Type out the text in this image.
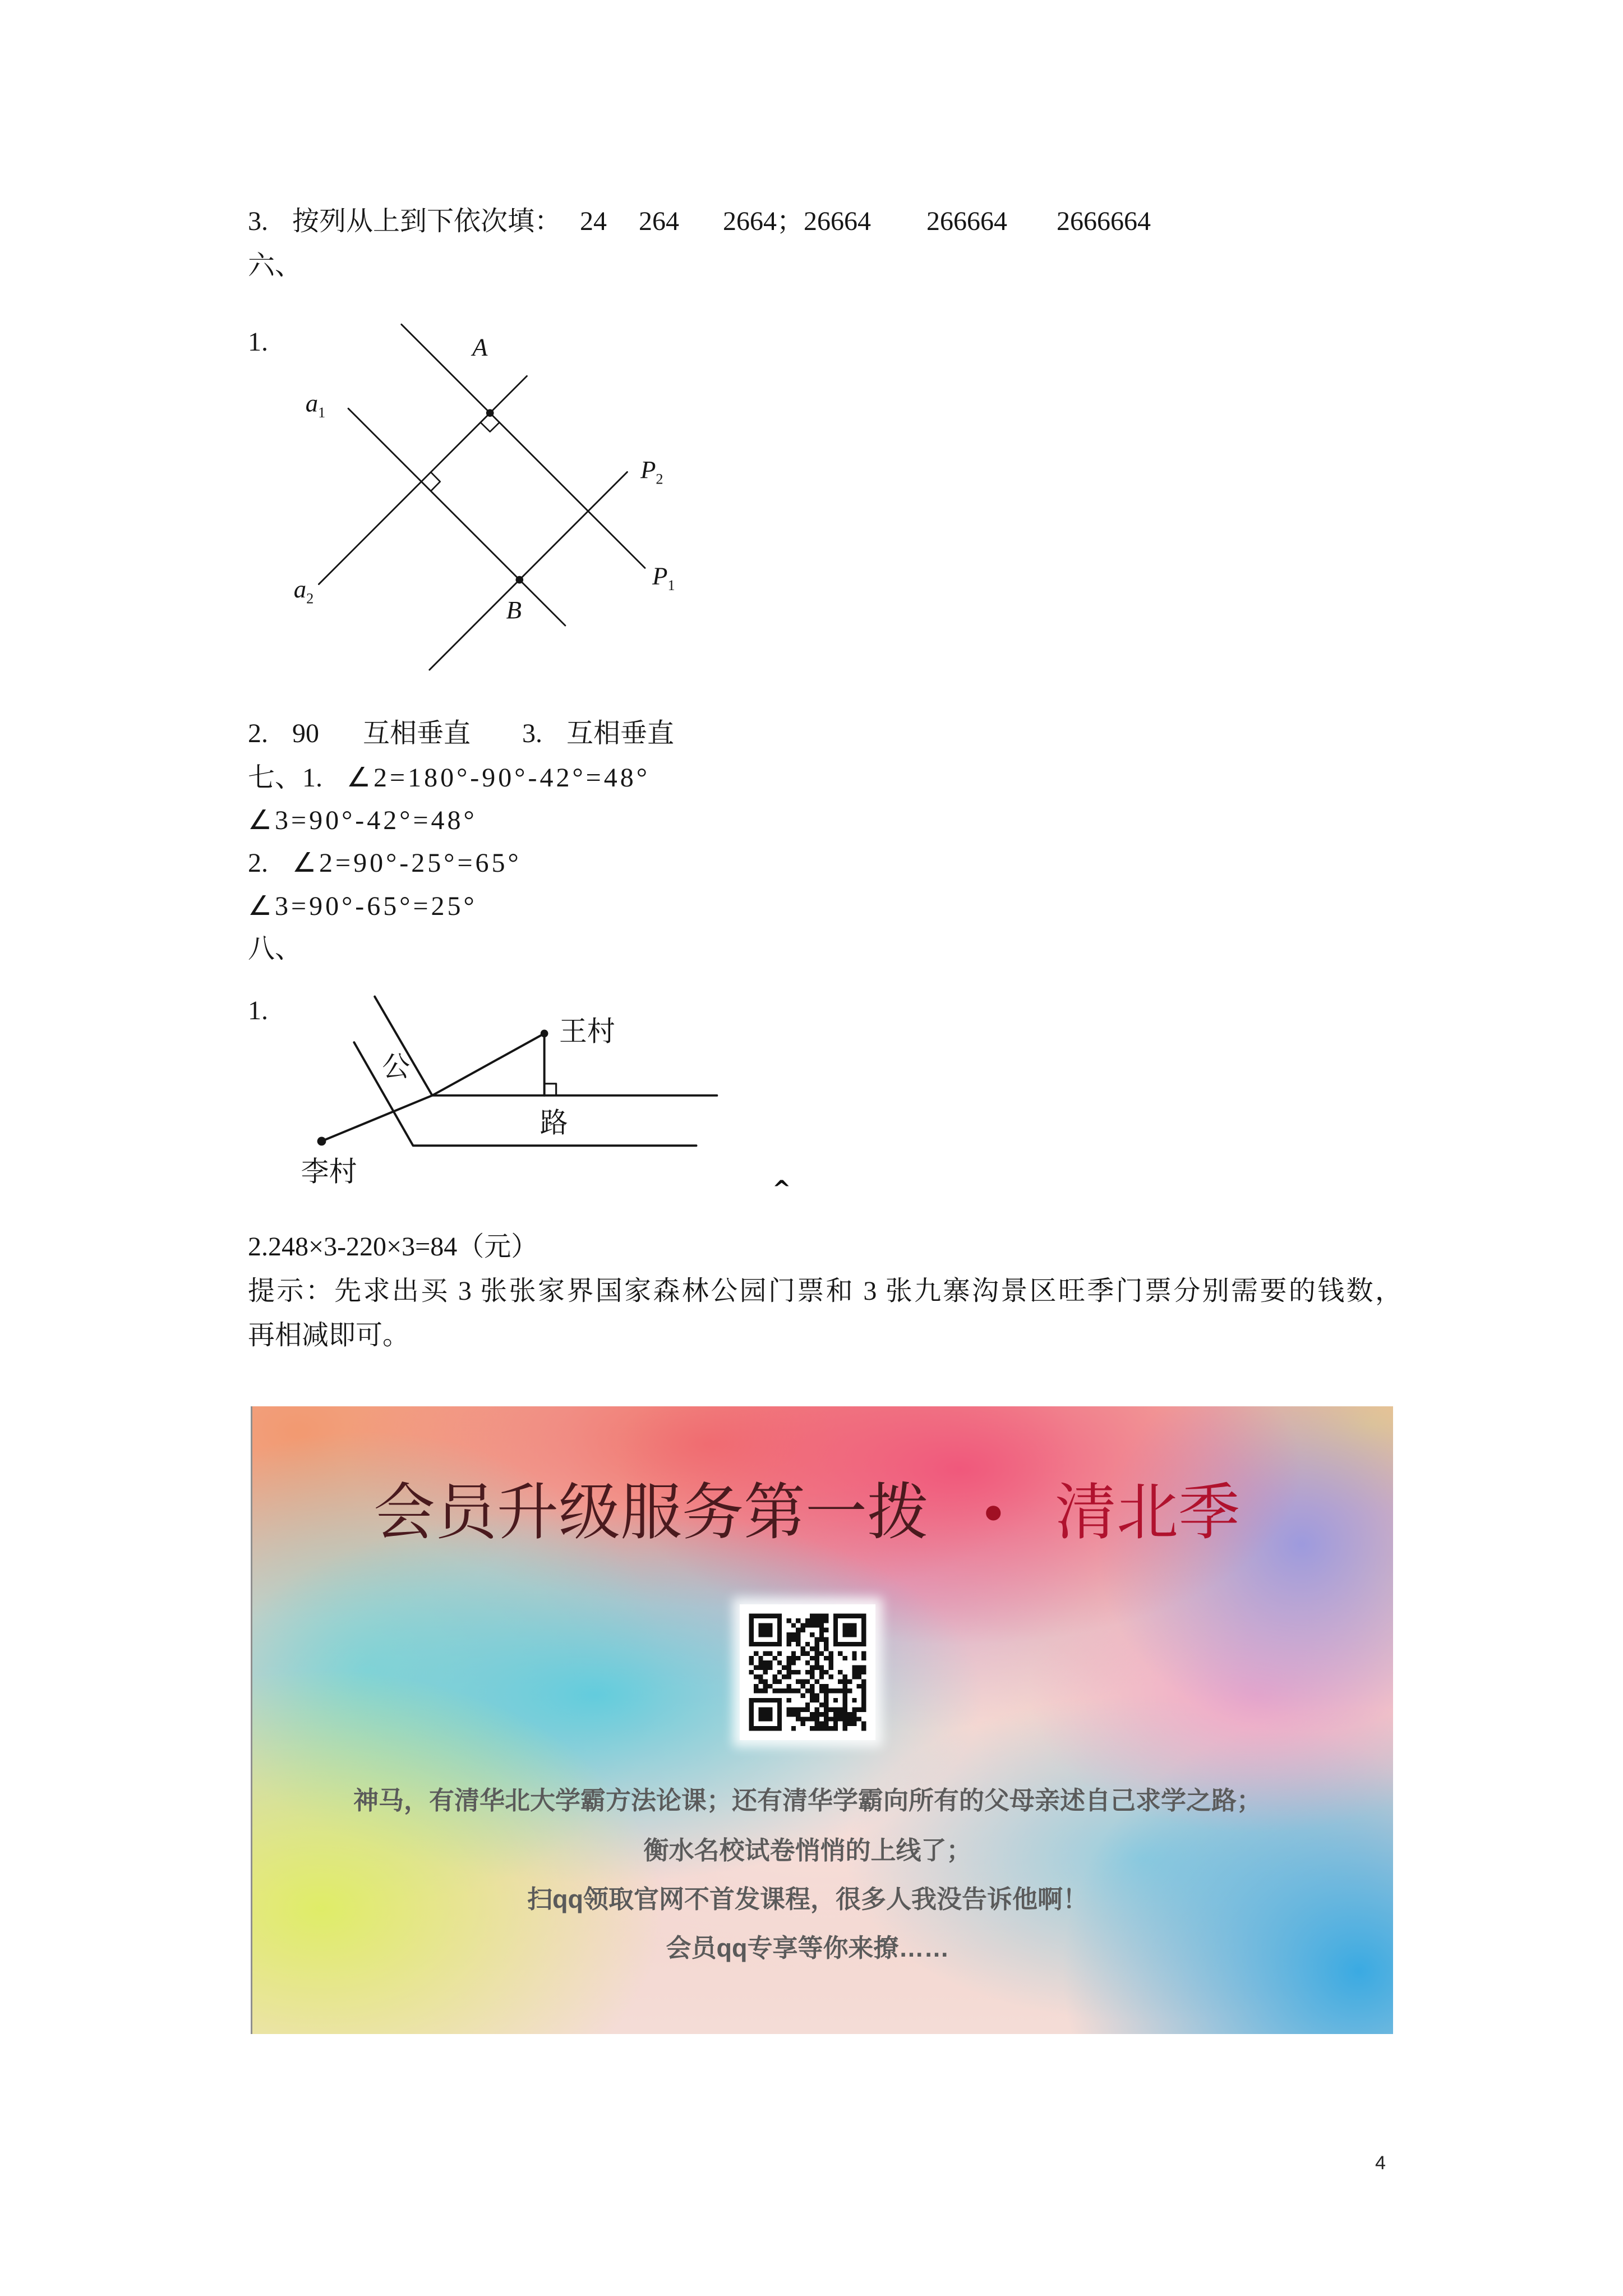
3. 按列从上到下依次填： 24 264 2664；26664 266664 2666664
六、
1.	A
B
$a_1$
$a_2$
$P_2$
$P_1$
2. 90 互相垂直 3. 互相垂直
七、 1. ∠2=180°-90°-42°=48°
∠3=90°-42°=48°
2. ∠2=90°-25°=65°
∠3=90°-65°=25°
八、
1.
王村
李村
公
路
^
2.248×3-220×3=84（元）
提示：先求出买 3 张张家界国家森林公园门票和 3 张九寨沟景区旺季门票分别需要的钱数，
再相减即可。
会员升级服务第一拨 • 清北季
神马，有清华北大学霸方法论课；还有清华学霸向所有的父母亲述自己求学之路；
衡水名校试卷悄悄的上线了；
扫qq领取官网不首发课程，很多人我没告诉他啊！
会员qq专享等你来撩……
4
